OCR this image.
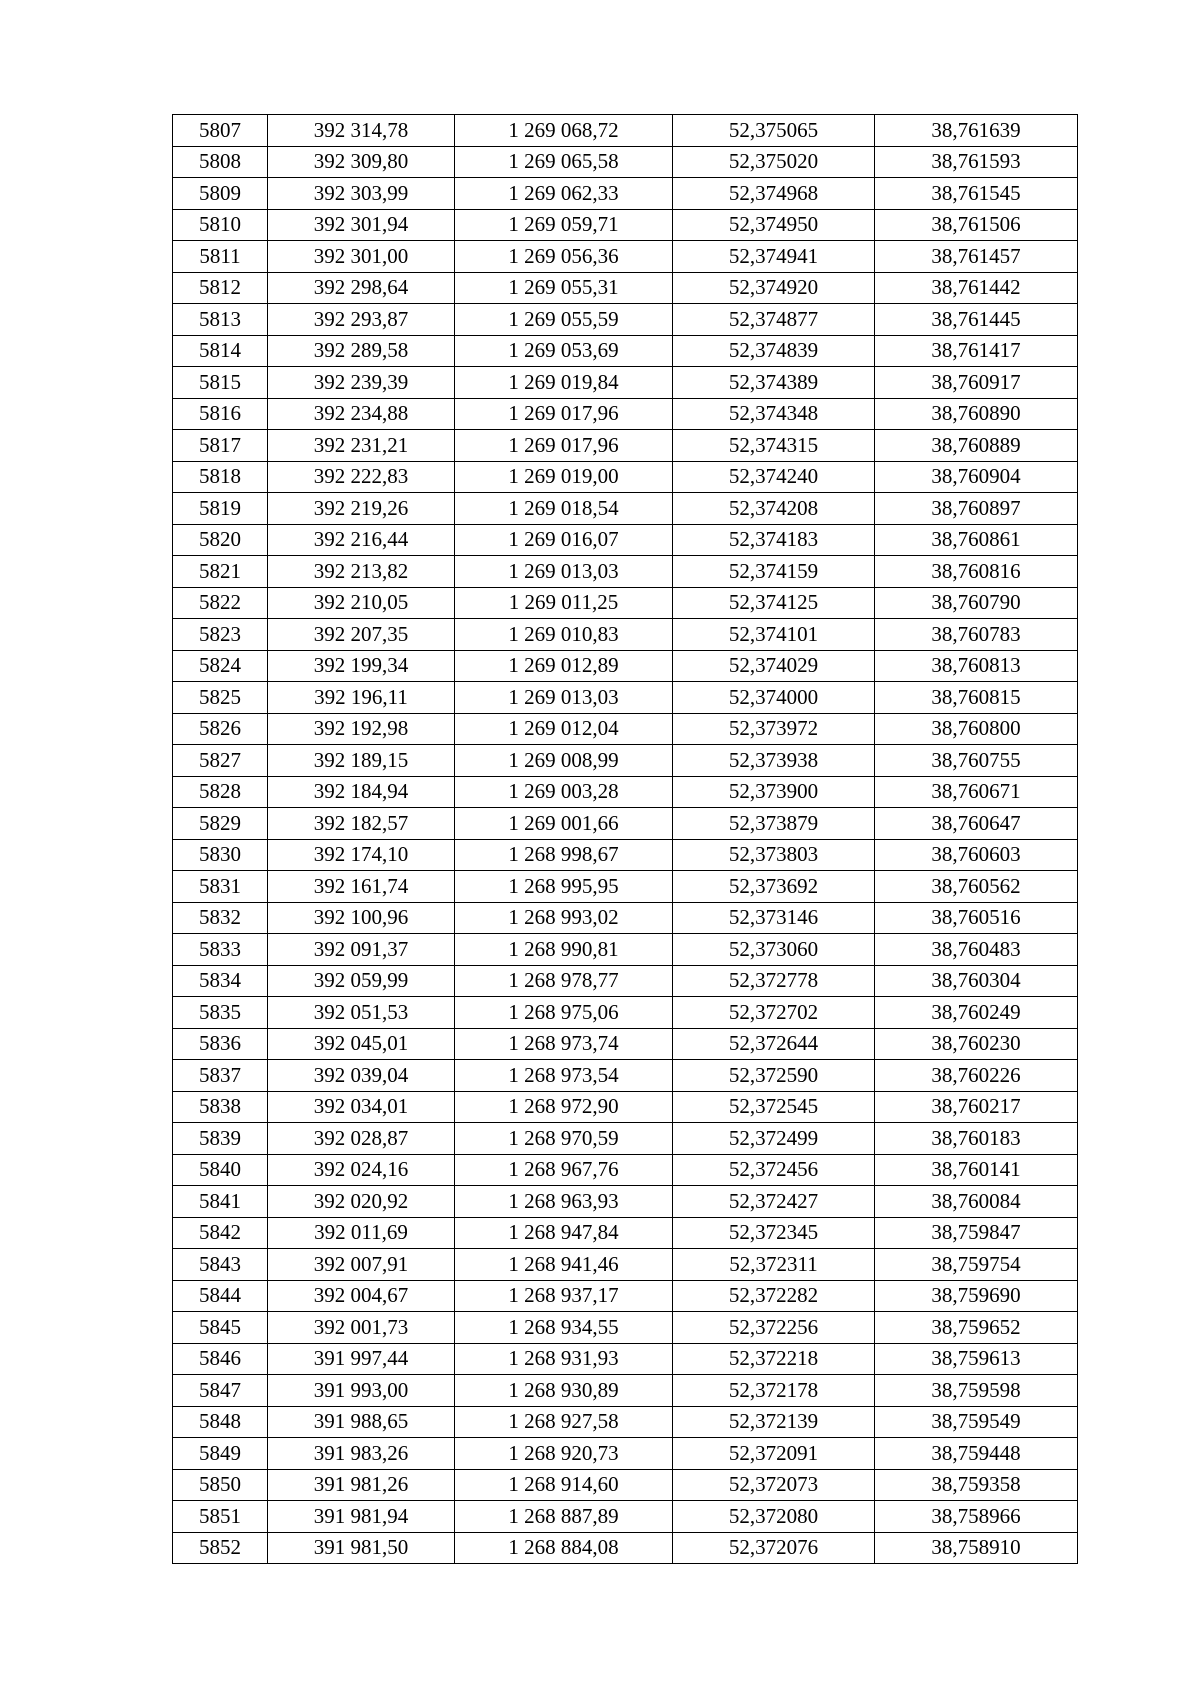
5807	392 314,78	1 269 068,72	52,375065	38,761639
5808	392 309,80	1 269 065,58	52,375020	38,761593
5809	392 303,99	1 269 062,33	52,374968	38,761545
5810	392 301,94	1 269 059,71	52,374950	38,761506
5811	392 301,00	1 269 056,36	52,374941	38,761457
5812	392 298,64	1 269 055,31	52,374920	38,761442
5813	392 293,87	1 269 055,59	52,374877	38,761445
5814	392 289,58	1 269 053,69	52,374839	38,761417
5815	392 239,39	1 269 019,84	52,374389	38,760917
5816	392 234,88	1 269 017,96	52,374348	38,760890
5817	392 231,21	1 269 017,96	52,374315	38,760889
5818	392 222,83	1 269 019,00	52,374240	38,760904
5819	392 219,26	1 269 018,54	52,374208	38,760897
5820	392 216,44	1 269 016,07	52,374183	38,760861
5821	392 213,82	1 269 013,03	52,374159	38,760816
5822	392 210,05	1 269 011,25	52,374125	38,760790
5823	392 207,35	1 269 010,83	52,374101	38,760783
5824	392 199,34	1 269 012,89	52,374029	38,760813
5825	392 196,11	1 269 013,03	52,374000	38,760815
5826	392 192,98	1 269 012,04	52,373972	38,760800
5827	392 189,15	1 269 008,99	52,373938	38,760755
5828	392 184,94	1 269 003,28	52,373900	38,760671
5829	392 182,57	1 269 001,66	52,373879	38,760647
5830	392 174,10	1 268 998,67	52,373803	38,760603
5831	392 161,74	1 268 995,95	52,373692	38,760562
5832	392 100,96	1 268 993,02	52,373146	38,760516
5833	392 091,37	1 268 990,81	52,373060	38,760483
5834	392 059,99	1 268 978,77	52,372778	38,760304
5835	392 051,53	1 268 975,06	52,372702	38,760249
5836	392 045,01	1 268 973,74	52,372644	38,760230
5837	392 039,04	1 268 973,54	52,372590	38,760226
5838	392 034,01	1 268 972,90	52,372545	38,760217
5839	392 028,87	1 268 970,59	52,372499	38,760183
5840	392 024,16	1 268 967,76	52,372456	38,760141
5841	392 020,92	1 268 963,93	52,372427	38,760084
5842	392 011,69	1 268 947,84	52,372345	38,759847
5843	392 007,91	1 268 941,46	52,372311	38,759754
5844	392 004,67	1 268 937,17	52,372282	38,759690
5845	392 001,73	1 268 934,55	52,372256	38,759652
5846	391 997,44	1 268 931,93	52,372218	38,759613
5847	391 993,00	1 268 930,89	52,372178	38,759598
5848	391 988,65	1 268 927,58	52,372139	38,759549
5849	391 983,26	1 268 920,73	52,372091	38,759448
5850	391 981,26	1 268 914,60	52,372073	38,759358
5851	391 981,94	1 268 887,89	52,372080	38,758966
5852	391 981,50	1 268 884,08	52,372076	38,758910
